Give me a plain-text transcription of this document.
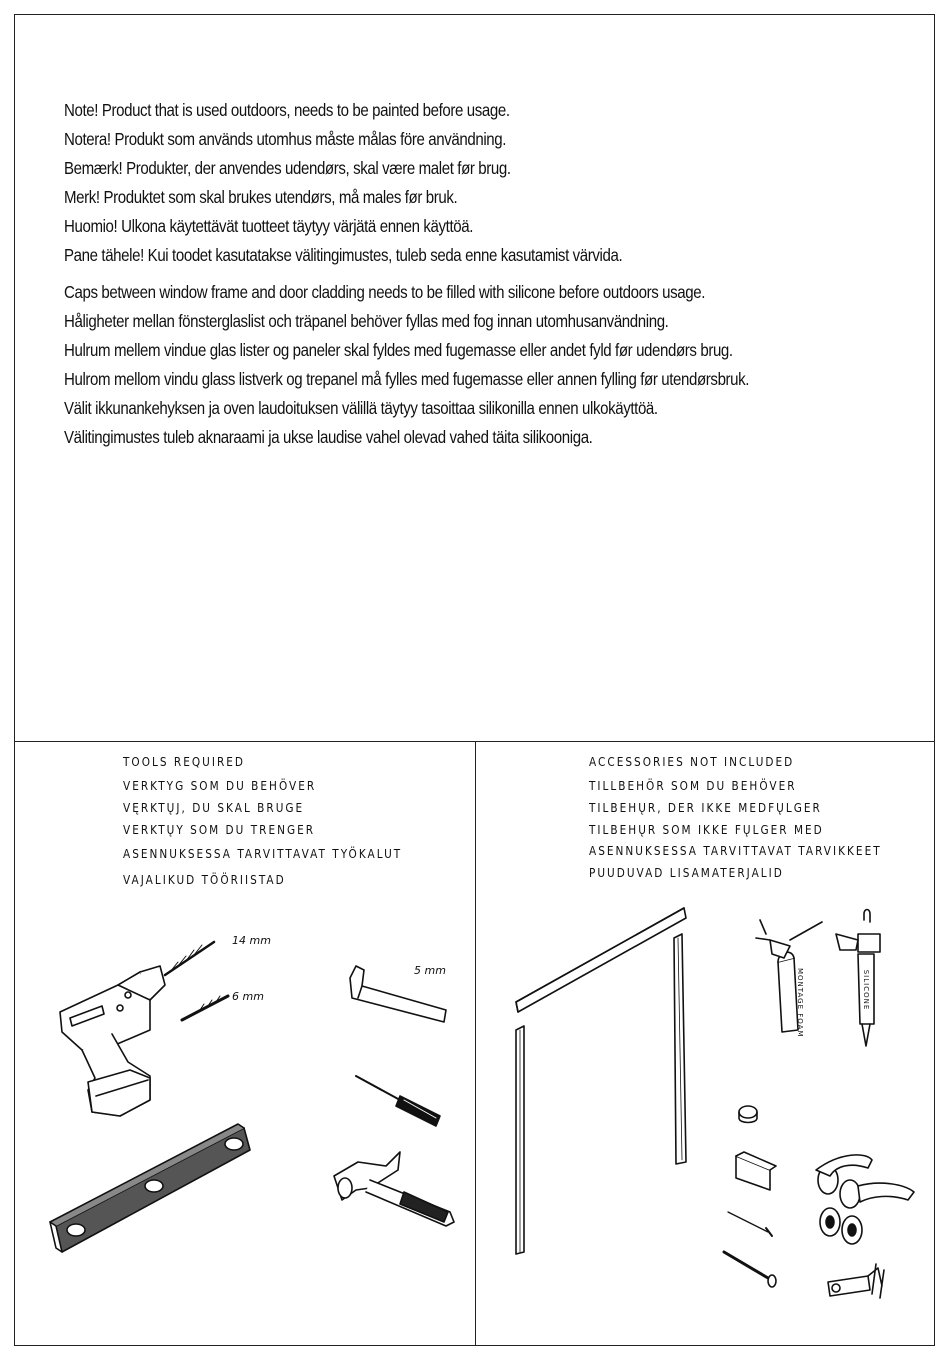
Note! Product that is used outdoors, needs to be painted before usage.
Notera! Produkt som används utomhus måste målas före användning.
Bemærk! Produkter, der anvendes udendørs, skal være malet før brug.
Merk! Produktet som skal brukes utendørs, må males før bruk.
Huomio! Ulkona käytettävät tuotteet täytyy värjätä ennen käyttöä.
Pane tähele! Kui toodet kasutatakse välitingimustes, tuleb seda enne kasutamist värvida.
Caps between window frame and door cladding needs to be filled with silicone before outdoors usage.
Håligheter mellan fönsterglaslist och träpanel behöver fyllas med fog innan utomhusanvändning.
Hulrum mellem vindue glas lister og paneler skal fyldes med fugemasse eller andet fyld før udendørs brug.
Hulrom mellom vindu glass listverk og trepanel må fylles med fugemasse eller annen fylling før utendørsbruk.
Välit ikkunankehyksen ja oven laudoituksen välillä täytyy tasoittaa silikonilla ennen ulkokäyttöä.
Välitingimustes tuleb aknaraami ja ukse laudise vahel olevad vahed täita silikooniga.
TOOLS REQUIRED
VERKTYG SOM DU BEHÖVER
VĘRKTŲJ, DU SKAL BRUGE
VERKTŲY SOM DU TRENGER
ASENNUKSESSA TARVITTAVAT TYÖKALUT
VAJALIKUD TÖÖRIISTAD
ACCESSORIES NOT INCLUDED
TILLBEHÖR SOM DU BEHÖVER
TILBEHŲR, DER IKKE MEDFŲLGER
TILBEHŲR SOM IKKE FŲLGER MED
ASENNUKSESSA TARVITTAVAT TARVIKKEET
PUUDUVAD LISAMATERJALID
14 mm
6 mm
5 mm	MONTAGE FOAM	SILICONE
